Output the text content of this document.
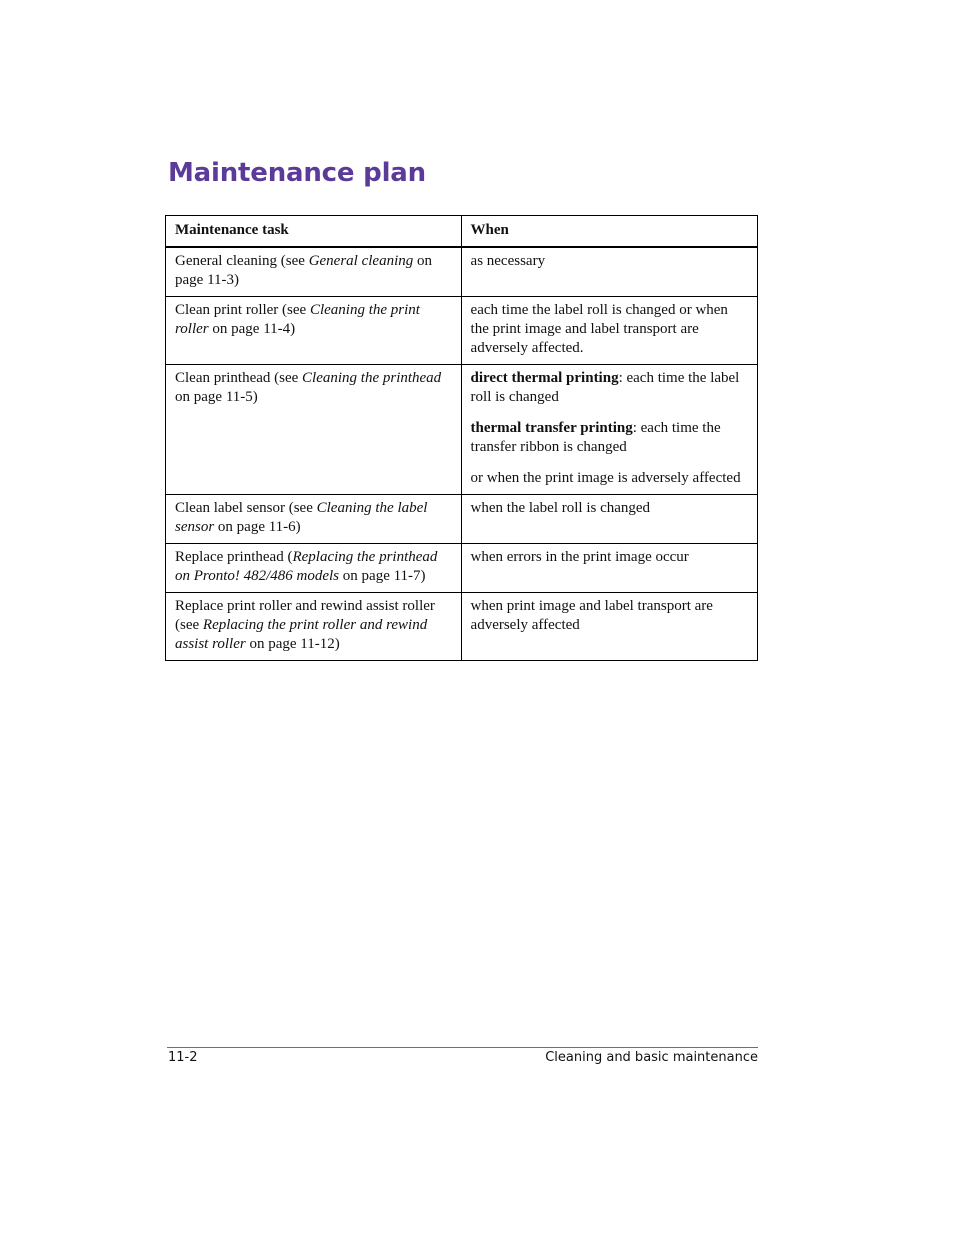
Maintenance plan
Maintenance task	When
General cleaning (see General cleaning on page 11-3)	as necessary

Clean print roller (see Cleaning the print roller on page 11-4)	each time the label roll is changed or when the print image and label transport are adversely affected.

Clean printhead (see Cleaning the printhead on page 11-5)	direct thermal printing: each time the label roll is changed

thermal transfer printing: each time the transfer ribbon is changed

or when the print image is adversely affected

Clean label sensor (see Cleaning the label sensor on page 11-6)	when the label roll is changed

Replace printhead (Replacing the printhead on Pronto! 482/486 models on page 11-7)	when errors in the print image occur

Replace print roller and rewind assist roller (see Replacing the print roller and rewind assist roller on page 11-12)	when print image and label transport are adversely affected

11-2	Cleaning and basic maintenance
